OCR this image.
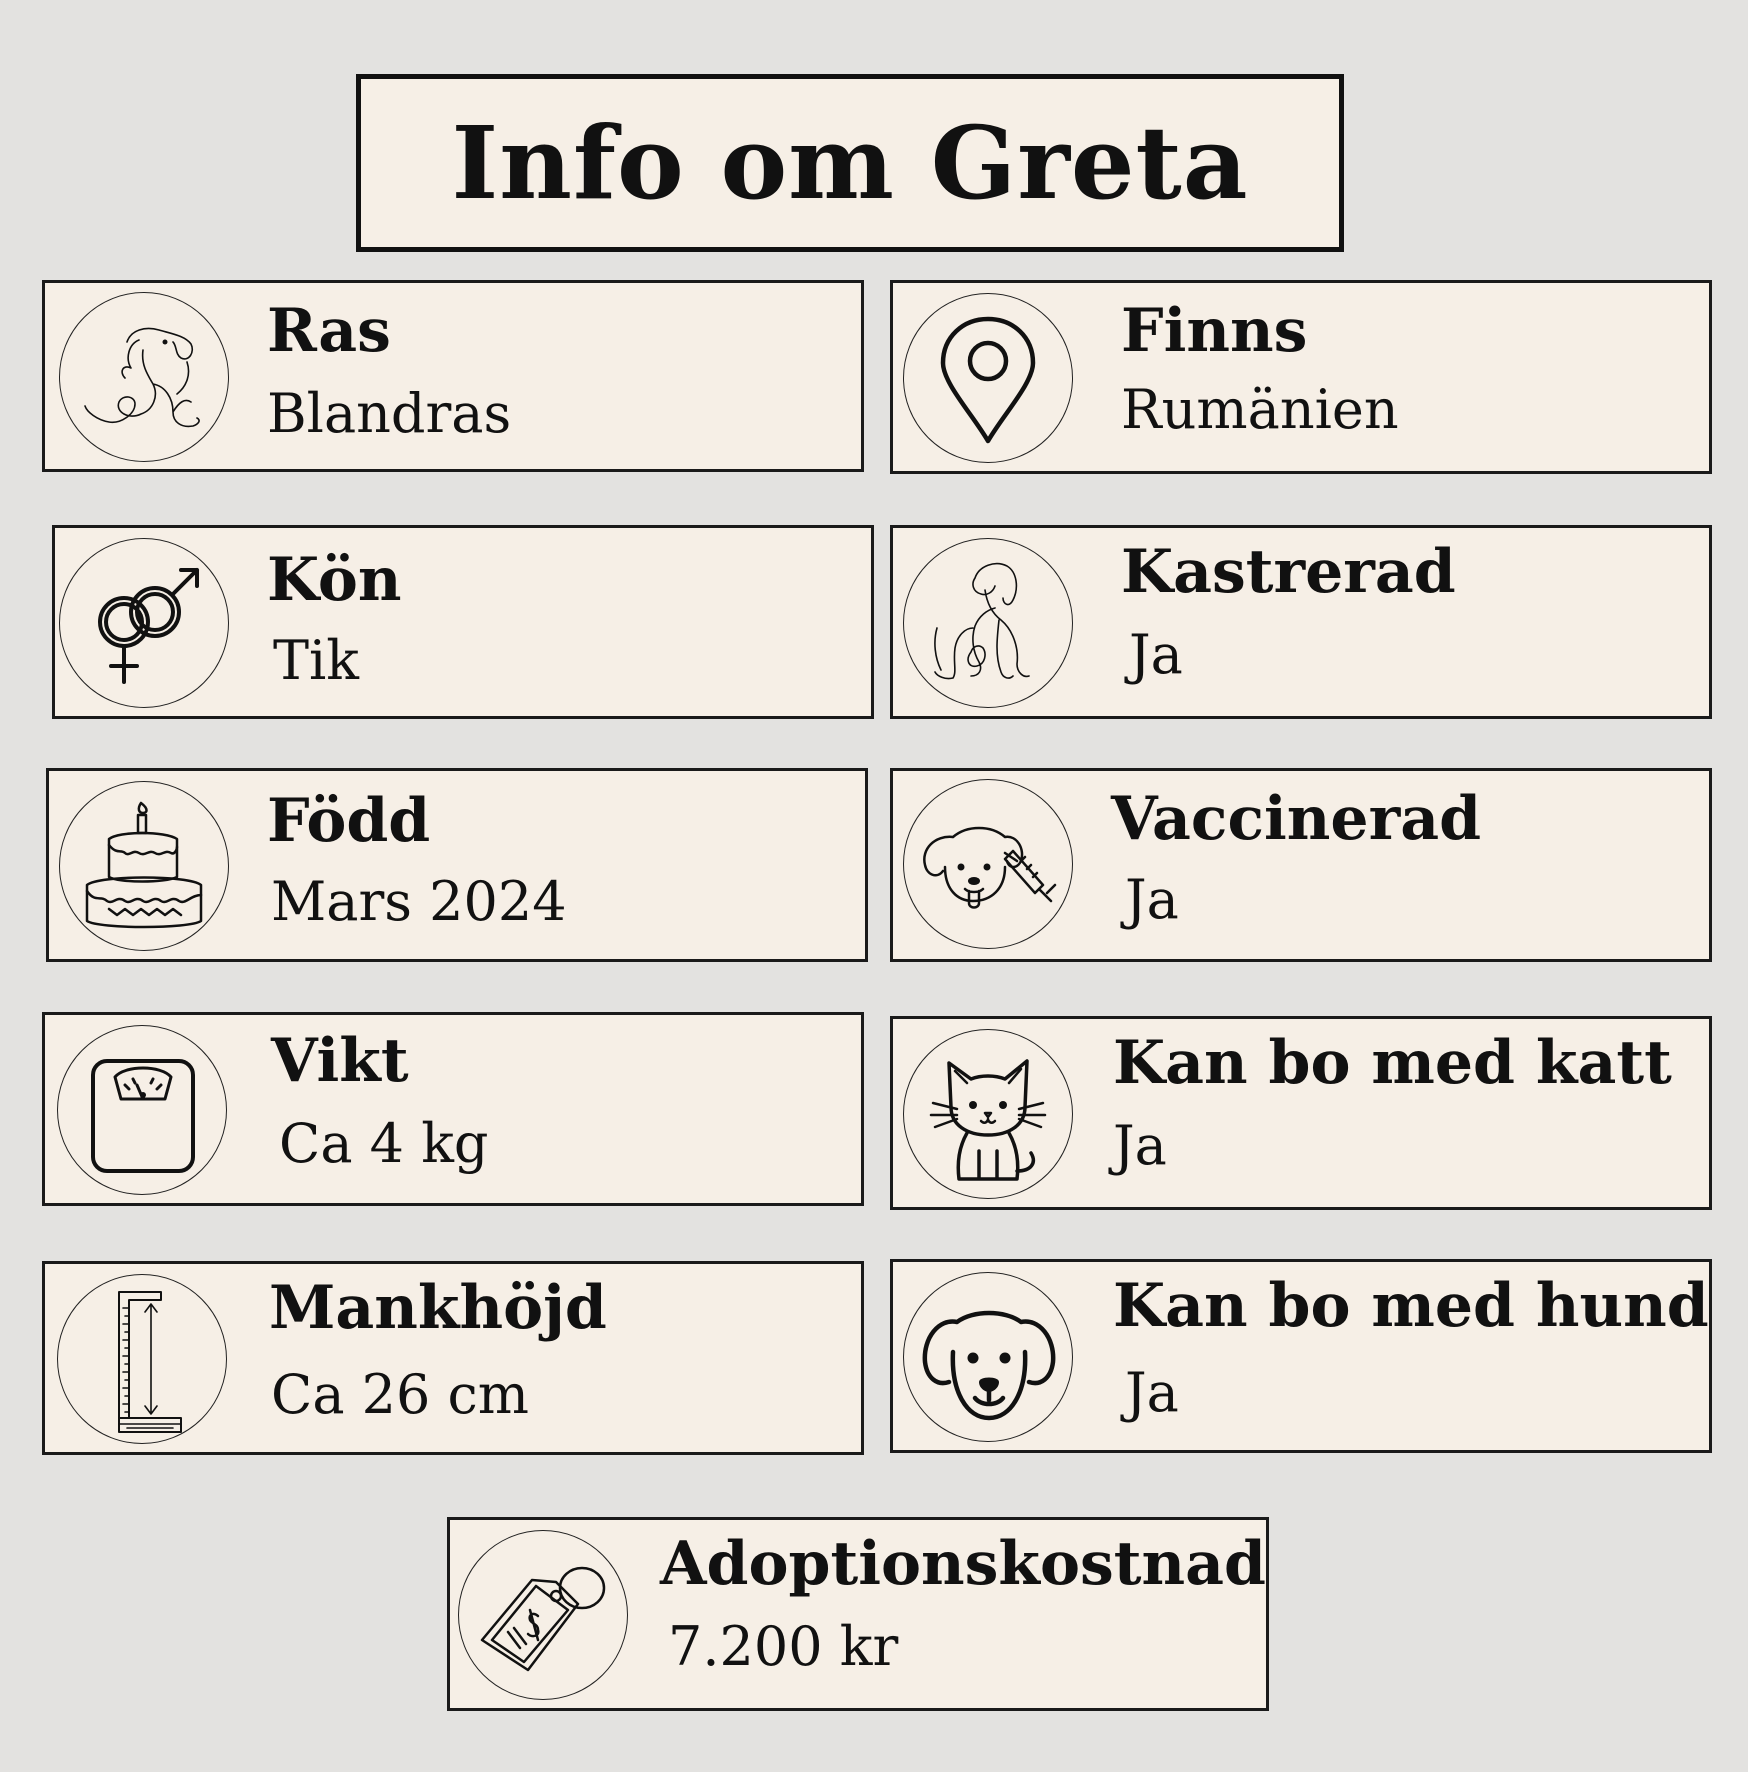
Info om Greta
Ras
Blandras
Finns
Rumänien
Kön
Tik
Kastrerad
Ja
Född
Mars 2024
Vaccinerad
Ja
Vikt
Ca 4 kg
Kan bo med katt
Ja
Mankhöjd
Ca 26 cm
Kan bo med hund
Ja
Adoptionskostnad
7.200 kr
